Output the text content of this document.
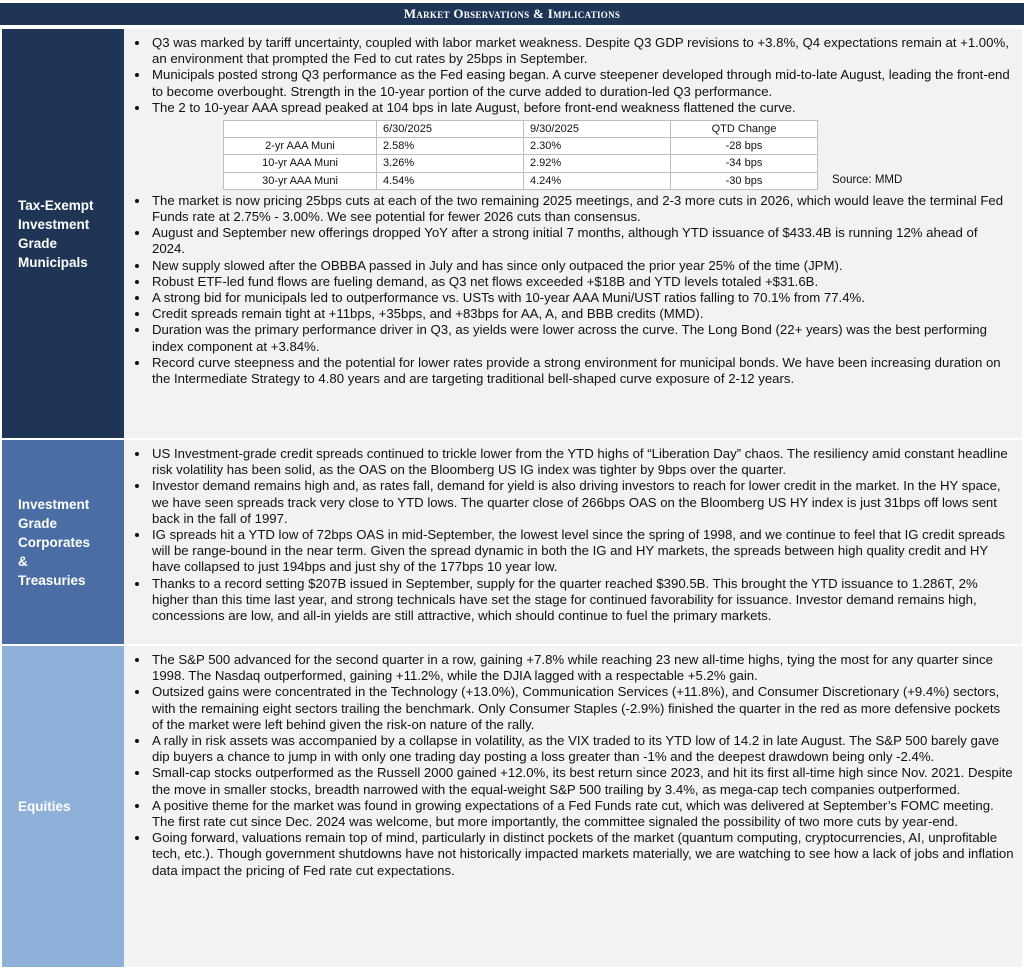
Market Observations & Implications
Tax-Exempt
Investment
Grade
Municipals
• Q3 was marked by tariff uncertainty, coupled with labor market weakness. Despite Q3 GDP revisions to +3.8%, Q4 expectations remain at +1.00%, an environment that prompted the Fed to cut rates by 25bps in September.
• Municipals posted strong Q3 performance as the Fed easing began. A curve steepener developed through mid-to-late August, leading the front-end to become overbought. Strength in the 10-year portion of the curve added to duration-led Q3 performance.
• The 2 to 10-year AAA spread peaked at 104 bps in late August, before front-end weakness flattened the curve.
	6/30/2025	9/30/2025	QTD Change
2-yr AAA Muni	2.58%	2.30%	-28 bps
10-yr AAA Muni	3.26%	2.92%	-34 bps
30-yr AAA Muni	4.54%	4.24%	-30 bps	Source: MMD
• The market is now pricing 25bps cuts at each of the two remaining 2025 meetings, and 2-3 more cuts in 2026, which would leave the terminal Fed Funds rate at 2.75% - 3.00%. We see potential for fewer 2026 cuts than consensus.
• August and September new offerings dropped YoY after a strong initial 7 months, although YTD issuance of $433.4B is running 12% ahead of 2024.
• New supply slowed after the OBBBA passed in July and has since only outpaced the prior year 25% of the time (JPM).
• Robust ETF-led fund flows are fueling demand, as Q3 net flows exceeded +$18B and YTD levels totaled +$31.6B.
• A strong bid for municipals led to outperformance vs. USTs with 10-year AAA Muni/UST ratios falling to 70.1% from 77.4%.
• Credit spreads remain tight at +11bps, +35bps, and +83bps for AA, A, and BBB credits (MMD).
• Duration was the primary performance driver in Q3, as yields were lower across the curve. The Long Bond (22+ years) was the best performing index component at +3.84%.
• Record curve steepness and the potential for lower rates provide a strong environment for municipal bonds. We have been increasing duration on the Intermediate Strategy to 4.80 years and are targeting traditional bell-shaped curve exposure of 2-12 years.
Investment
Grade
Corporates
&
Treasuries
• US Investment-grade credit spreads continued to trickle lower from the YTD highs of “Liberation Day” chaos. The resiliency amid constant headline risk volatility has been solid, as the OAS on the Bloomberg US IG index was tighter by 9bps over the quarter.
• Investor demand remains high and, as rates fall, demand for yield is also driving investors to reach for lower credit in the market. In the HY space, we have seen spreads track very close to YTD lows. The quarter close of 266bps OAS on the Bloomberg US HY index is just 31bps off lows sent back in the fall of 1997.
• IG spreads hit a YTD low of 72bps OAS in mid-September, the lowest level since the spring of 1998, and we continue to feel that IG credit spreads will be range-bound in the near term. Given the spread dynamic in both the IG and HY markets, the spreads between high quality credit and HY have collapsed to just 194bps and just shy of the 177bps 10 year low.
• Thanks to a record setting $207B issued in September, supply for the quarter reached $390.5B. This brought the YTD issuance to 1.286T, 2% higher than this time last year, and strong technicals have set the stage for continued favorability for issuance. Investor demand remains high, concessions are low, and all-in yields are still attractive, which should continue to fuel the primary markets.
Equities
• The S&P 500 advanced for the second quarter in a row, gaining +7.8% while reaching 23 new all-time highs, tying the most for any quarter since 1998. The Nasdaq outperformed, gaining +11.2%, while the DJIA lagged with a respectable +5.2% gain.
• Outsized gains were concentrated in the Technology (+13.0%), Communication Services (+11.8%), and Consumer Discretionary (+9.4%) sectors, with the remaining eight sectors trailing the benchmark. Only Consumer Staples (-2.9%) finished the quarter in the red as more defensive pockets of the market were left behind given the risk-on nature of the rally.
• A rally in risk assets was accompanied by a collapse in volatility, as the VIX traded to its YTD low of 14.2 in late August. The S&P 500 barely gave dip buyers a chance to jump in with only one trading day posting a loss greater than -1% and the deepest drawdown being only -2.4%.
• Small-cap stocks outperformed as the Russell 2000 gained +12.0%, its best return since 2023, and hit its first all-time high since Nov. 2021. Despite the move in smaller stocks, breadth narrowed with the equal-weight S&P 500 trailing by 3.4%, as mega-cap tech companies outperformed.
• A positive theme for the market was found in growing expectations of a Fed Funds rate cut, which was delivered at September’s FOMC meeting. The first rate cut since Dec. 2024 was welcome, but more importantly, the committee signaled the possibility of two more cuts by year-end.
• Going forward, valuations remain top of mind, particularly in distinct pockets of the market (quantum computing, cryptocurrencies, AI, unprofitable tech, etc.). Though government shutdowns have not historically impacted markets materially, we are watching to see how a lack of jobs and inflation data impact the pricing of Fed rate cut expectations.
